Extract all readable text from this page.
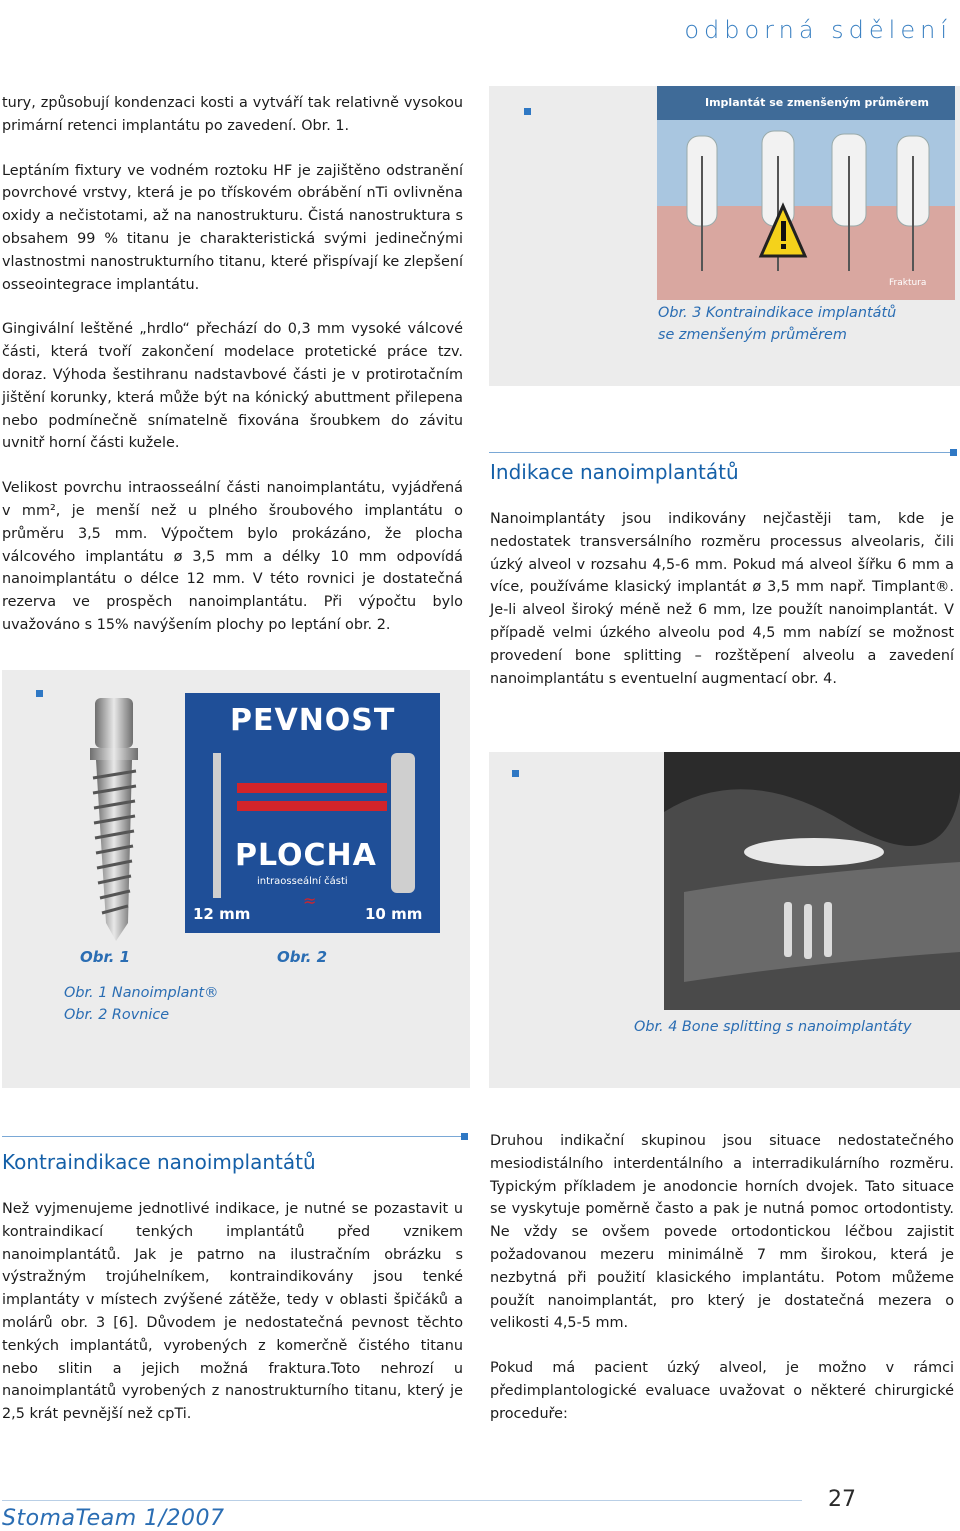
odborná sdělení

tury, způsobují kondenzaci kosti a vytváří tak relativně vysokou primární retenci implantátu po zavedení. Obr. 1.

Leptáním fixtury ve vodném roztoku HF je zajištěno odstranění povrchové vrstvy, která je po třískovém obrábění nTi ovlivněna oxidy a nečistotami, až na nanostrukturu. Čistá nanostruktura s obsahem 99 % titanu je charakteristická svými jedinečnými vlastnostmi nanostrukturního titanu, které přispívají ke zlepšení osseointegrace implantátu.

Gingivální leštěné „hrdlo“ přechází do 0,3 mm vysoké válcové části, která tvoří zakončení modelace protetické práce tzv. doraz. Výhoda šestihranu nadstavbové části je v protirotačním jištění korunky, která může být na kónický abuttment přilepena nebo podmínečně snímatelně fixována šroubkem do závitu uvnitř horní části kužele.

Velikost povrchu intraosseální části nanoimplantátu, vyjádřená v mm², je menší než u plného šroubového implantátu o průměru 3,5 mm. Výpočtem bylo prokázáno, že plocha válcového implantátu ø 3,5 mm a délky 10 mm odpovídá nanoimplantátu o délce 12 mm. V této rovnici je dostatečná rezerva ve prospěch nanoimplantátu. Při výpočtu bylo uvažováno s 15% navýšením plochy po leptání obr. 2.

Implantát se zmenšeným průměrem
Fraktura
Obr. 3 Kontraindikace implantátů
se zmenšeným průměrem
Indikace nanoimplantátů

Nanoimplantáty jsou indikovány nejčastěji tam, kde je nedostatek transversálního rozměru processus alveolaris, čili úzký alveol v rozsahu 4,5-6 mm. Pokud má alveol šířku 6 mm a více, používáme klasický implantát ø 3,5 mm např. Timplant®. Je-li alveol široký méně než 6 mm, lze použít nanoimplantát. V případě velmi úzkého alveolu pod 4,5 mm nabízí se možnost provedení bone splitting – rozštěpení alveolu a zavedení nanoimplantátu s eventuelní augmentací obr. 4.

PEVNOST
PLOCHA
intraosseální části
≈
12 mm	10 mm
Obr. 1	Obr. 2
Obr. 1 Nanoimplant®
Obr. 2 Rovnice
Obr. 4 Bone splitting s nanoimplantáty
Kontraindikace nanoimplantátů

Než vyjmenujeme jednotlivé indikace, je nutné se pozastavit u kontraindikací tenkých implantátů před vznikem nanoimplantátů. Jak je patrno na ilustračním obrázku s výstražným trojúhelníkem, kontraindikovány jsou tenké implantáty v místech zvýšené zátěže, tedy v oblasti špičáků a molárů obr. 3 [6]. Důvodem je nedostatečná pevnost těchto tenkých implantátů, vyrobených z komerčně čistého titanu nebo slitin a jejich možná fraktura.Toto nehrozí u nanoimplantátů vyrobených z nanostrukturního titanu, který je 2,5 krát pevnější než cpTi.

Druhou indikační skupinou jsou situace nedostatečného mesiodistálního interdentálního a interradikulárního rozměru. Typickým příkladem je anodoncie horních dvojek. Tato situace se vyskytuje poměrně často a pak je nutná pomoc ortodontisty. Ne vždy se ovšem povede ortodontickou léčbou zajistit požadovanou mezeru minimálně 7 mm širokou, která je nezbytná při použití klasického implantátu. Potom můžeme použít nanoimplantát, pro který je dostatečná mezera o velikosti 4,5-5 mm.

Pokud má pacient úzký alveol, je možno v rámci předimplantologické evaluace uvažovat o některé chirurgické proceduře:

StomaTeam 1/2007
27
